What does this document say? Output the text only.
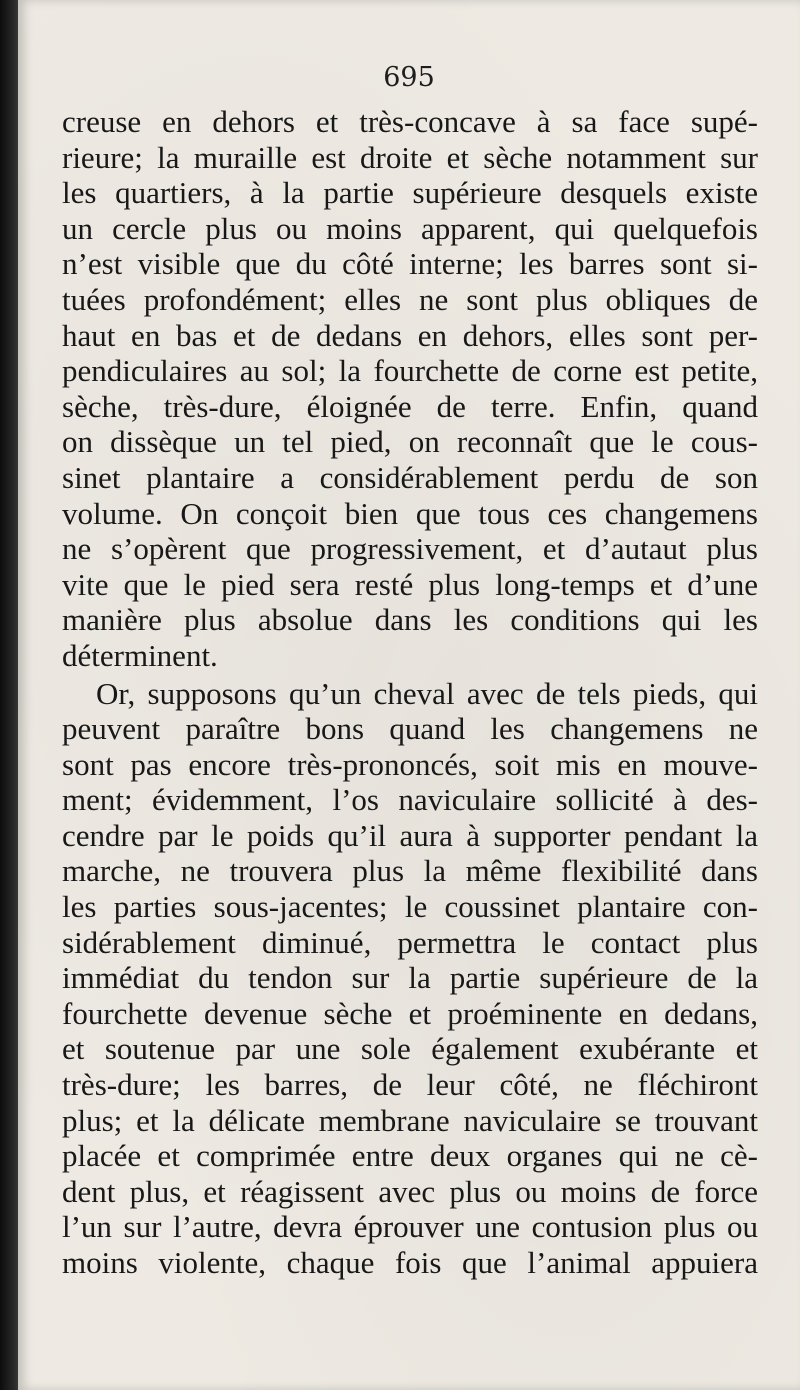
695

creuse en dehors et très-concave à sa face supé-
rieure; la muraille est droite et sèche notamment sur
les quartiers, à la partie supérieure desquels existe
un cercle plus ou moins apparent, qui quelquefois
n’est visible que du côté interne; les barres sont si-
tuées profondément; elles ne sont plus obliques de
haut en bas et de dedans en dehors, elles sont per-
pendiculaires au sol; la fourchette de corne est petite,
sèche, très-dure, éloignée de terre. Enfin, quand
on dissèque un tel pied, on reconnaît que le cous-
sinet plantaire a considérablement perdu de son
volume. On conçoit bien que tous ces changemens
ne s’opèrent que progressivement, et d’autaut plus
vite que le pied sera resté plus long-temps et d’une
manière plus absolue dans les conditions qui les
déterminent.
Or, supposons qu’un cheval avec de tels pieds, qui
peuvent paraître bons quand les changemens ne
sont pas encore très-prononcés, soit mis en mouve-
ment; évidemment, l’os naviculaire sollicité à des-
cendre par le poids qu’il aura à supporter pendant la
marche, ne trouvera plus la même flexibilité dans
les parties sous-jacentes; le coussinet plantaire con-
sidérablement diminué, permettra le contact plus
immédiat du tendon sur la partie supérieure de la
fourchette devenue sèche et proéminente en dedans,
et soutenue par une sole également exubérante et
très-dure; les barres, de leur côté, ne fléchiront
plus; et la délicate membrane naviculaire se trouvant
placée et comprimée entre deux organes qui ne cè-
dent plus, et réagissent avec plus ou moins de force
l’un sur l’autre, devra éprouver une contusion plus ou
moins violente, chaque fois que l’animal appuiera
